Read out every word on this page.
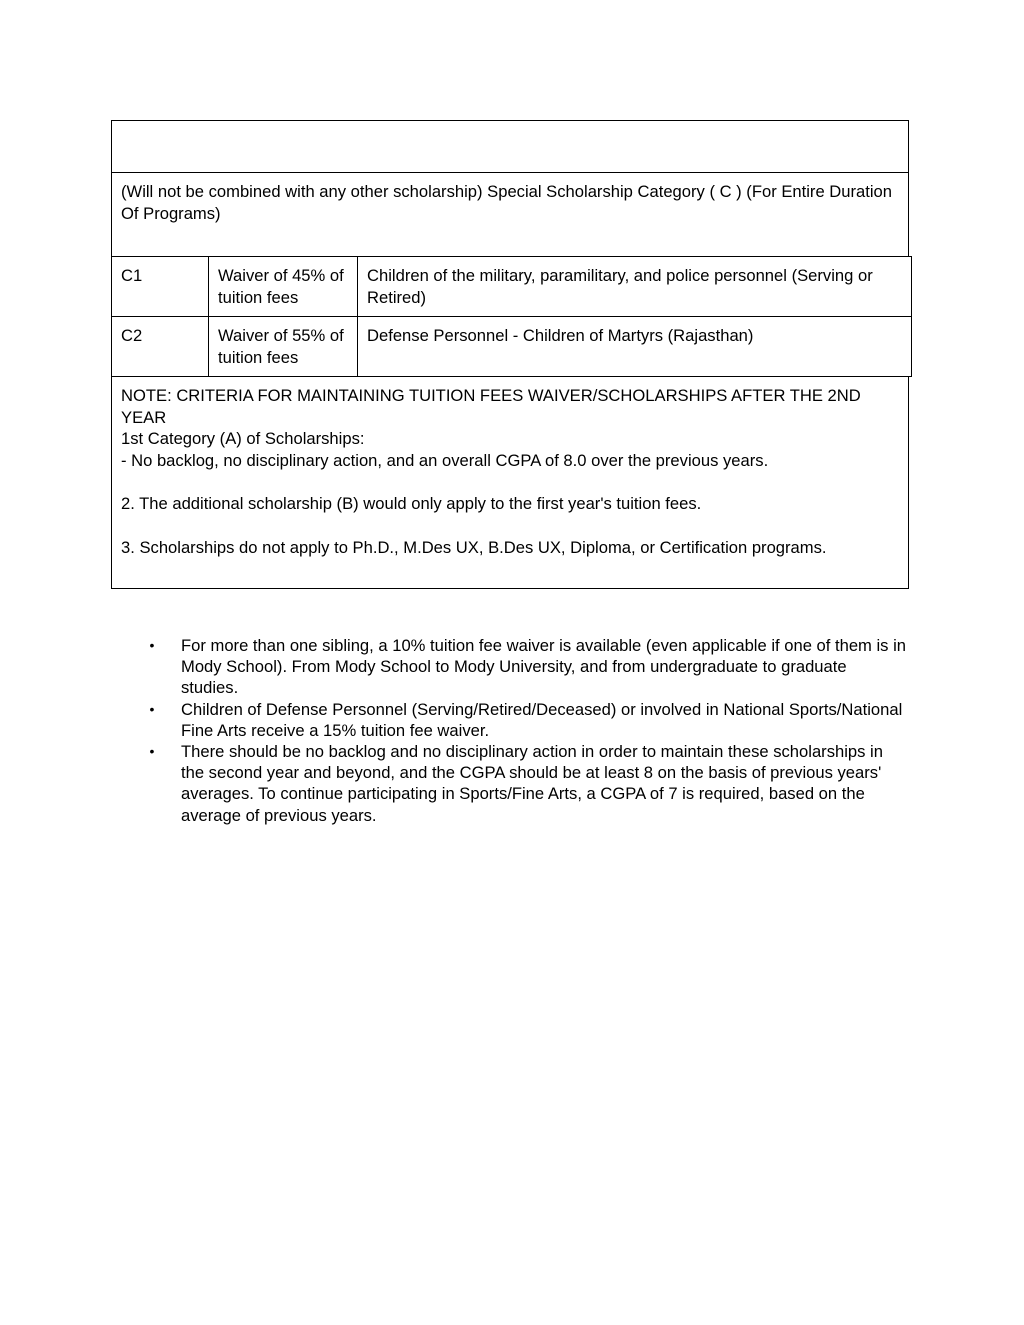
(Will not be combined with any other scholarship) Special Scholarship Category ( C ) (For Entire Duration Of Programs)
C1	Waiver of 45% of tuition fees
Children of the military, paramilitary, and police personnel (Serving or Retired)
C2	Waiver of 55% of tuition fees
Defense Personnel - Children of Martyrs (Rajasthan)

NOTE: CRITERIA FOR MAINTAINING TUITION FEES WAIVER/SCHOLARSHIPS AFTER THE 2ND YEAR

1st Category (A) of Scholarships:

- No backlog, no disciplinary action, and an overall CGPA of 8.0 over the previous years.

2. The additional scholarship (B) would only apply to the first year's tuition fees.

3. Scholarships do not apply to Ph.D., M.Des UX, B.Des UX, Diploma, or Certification programs.

• For more than one sibling, a 10% tuition fee waiver is available (even applicable if one of them is in Mody School). From Mody School to Mody University, and from undergraduate to graduate studies.
• Children of Defense Personnel (Serving/Retired/Deceased) or involved in National Sports/National Fine Arts receive a 15% tuition fee waiver.
• There should be no backlog and no disciplinary action in order to maintain these scholarships in the second year and beyond, and the CGPA should be at least 8 on the basis of previous years' averages. To continue participating in Sports/Fine Arts, a CGPA of 7 is required, based on the average of previous years.
